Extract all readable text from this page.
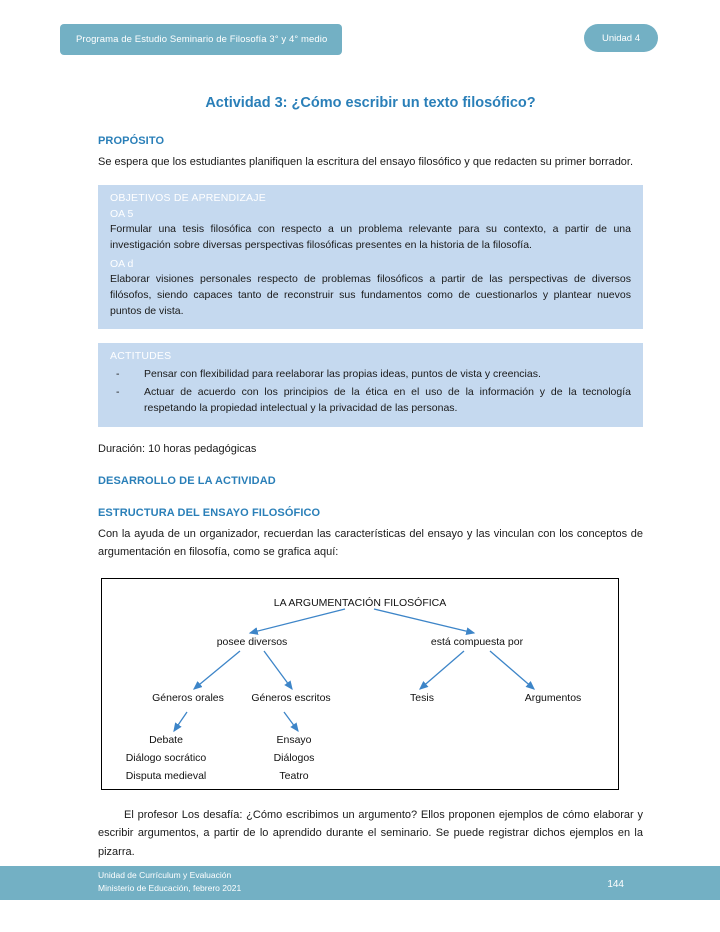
Programa de Estudio Seminario de Filosofía 3° y 4° medio	Unidad 4
Actividad 3: ¿Cómo escribir un texto filosófico?
PROPÓSITO

Se espera que los estudiantes planifiquen la escritura del ensayo filosófico y que redacten su primer borrador.

OBJETIVOS DE APRENDIZAJE
OA 5

Formular una tesis filosófica con respecto a un problema relevante para su contexto, a partir de una investigación sobre diversas perspectivas filosóficas presentes en la historia de la filosofía.

OA d

Elaborar visiones personales respecto de problemas filosóficos a partir de las perspectivas de diversos filósofos, siendo capaces tanto de reconstruir sus fundamentos como de cuestionarlos y plantear nuevos puntos de vista.

ACTITUDES
- Pensar con flexibilidad para reelaborar las propias ideas, puntos de vista y creencias.
- Actuar de acuerdo con los principios de la ética en el uso de la información y de la tecnología respetando la propiedad intelectual y la privacidad de las personas.

Duración: 10 horas pedagógicas

DESARROLLO DE LA ACTIVIDAD
ESTRUCTURA DEL ENSAYO FILOSÓFICO

Con la ayuda de un organizador, recuerdan las características del ensayo y las vinculan con los conceptos de argumentación en filosofía, como se grafica aquí:

LA ARGUMENTACIÓN FILOSÓFICA
posee diversos	está compuesta por
Géneros orales	Géneros escritos	Tesis	Argumentos
Debate
Diálogo socrático
Disputa medieval
Ensayo
Diálogos
Teatro

El profesor Los desafía: ¿Cómo escribimos un argumento? Ellos proponen ejemplos de cómo elaborar y escribir argumentos, a partir de lo aprendido durante el seminario. Se puede registrar dichos ejemplos en la pizarra.

Unidad de Currículum y Evaluación
Ministerio de Educación, febrero 2021	144
